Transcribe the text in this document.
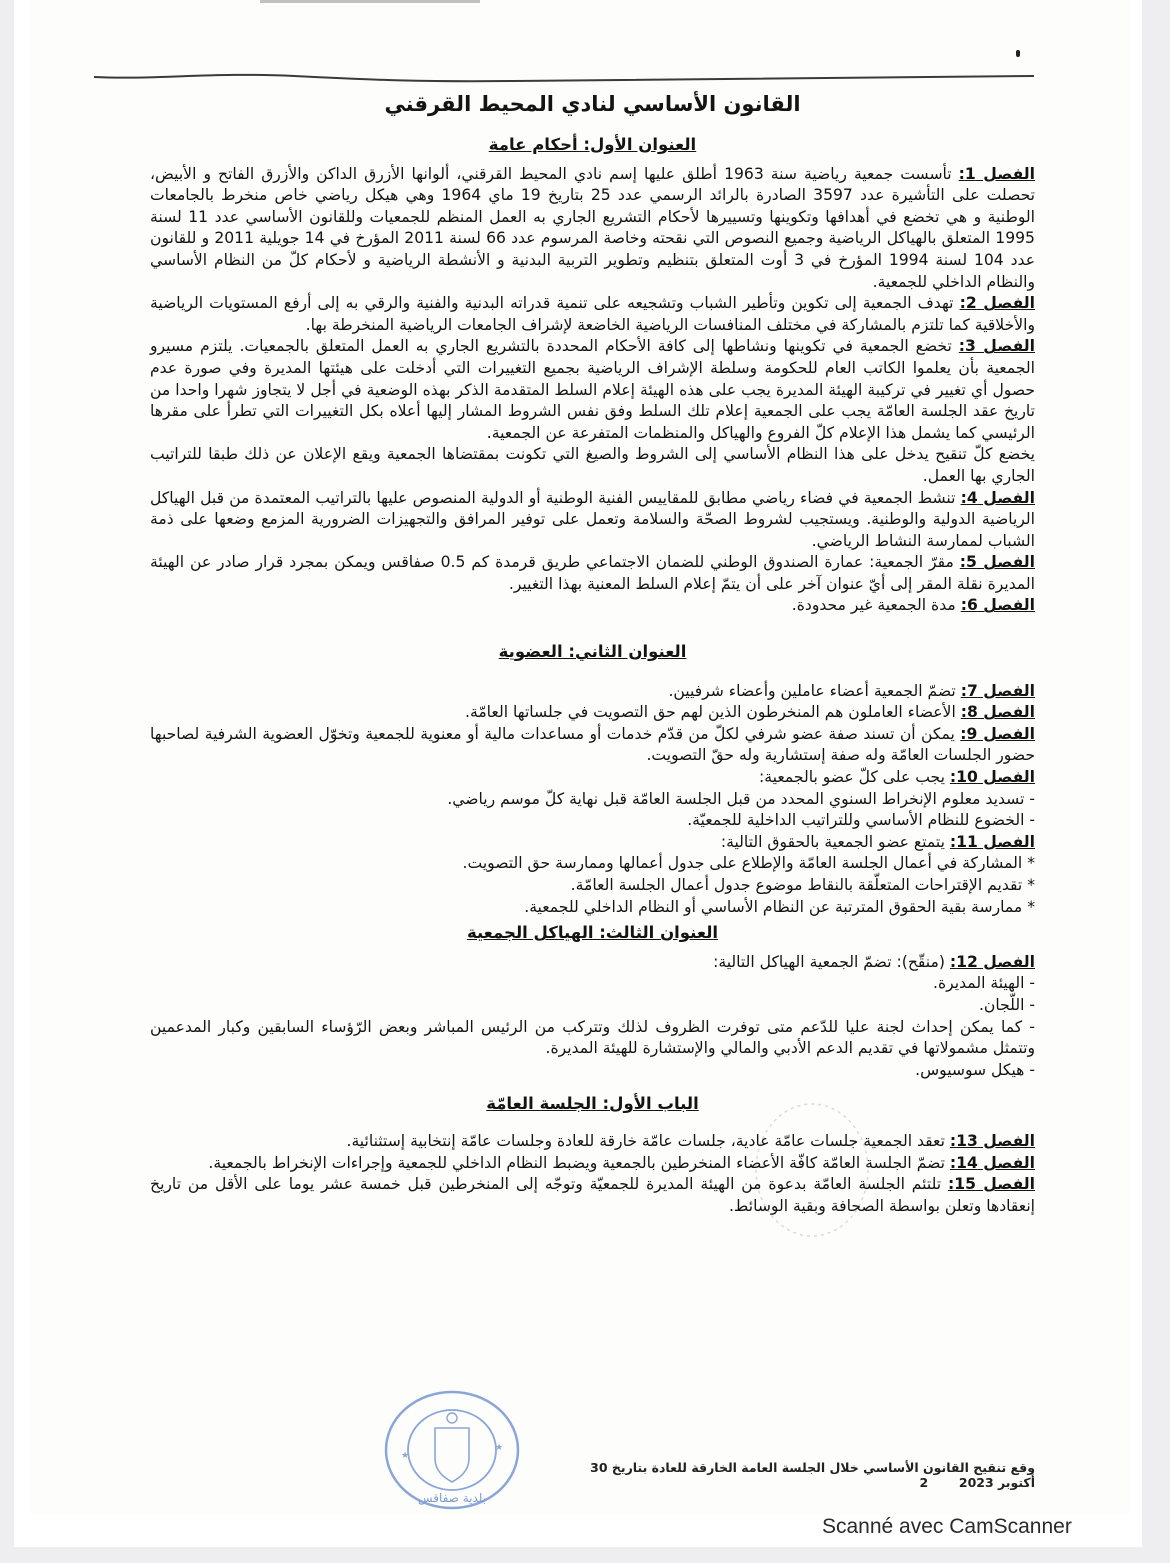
القانون الأساسي لنادي المحيط القرقني
العنوان الأول: أحكام عامة

الفصل 1: تأسست جمعية رياضية سنة 1963 أطلق عليها إسم نادي المحيط القرقني، ألوانها الأزرق الداكن والأزرق الفاتح و الأبيض، تحصلت على التأشيرة عدد 3597 الصادرة بالرائد الرسمي عدد 25 بتاريخ 19 ماي 1964 وهي هيكل رياضي خاص منخرط بالجامعات الوطنية و هي تخضع في أهدافها وتكوينها وتسييرها لأحكام التشريع الجاري به العمل المنظم للجمعيات وللقانون الأساسي عدد 11 لسنة 1995 المتعلق بالهياكل الرياضية وجميع النصوص التي نقحته وخاصة المرسوم عدد 66 لسنة 2011 المؤرخ في 14 جويلية 2011 و للقانون عدد 104 لسنة 1994 المؤرخ في 3 أوت المتعلق بتنظيم وتطوير التربية البدنية و الأنشطة الرياضية و لأحكام كلّ من النظام الأساسي والنظام الداخلي للجمعية.

الفصل 2: تهدف الجمعية إلى تكوين وتأطير الشباب وتشجيعه على تنمية قدراته البدنية والفنية والرقي به إلى أرفع المستويات الرياضية والأخلاقية كما تلتزم بالمشاركة في مختلف المنافسات الرياضية الخاضعة لإشراف الجامعات الرياضية المنخرطة بها.

الفصل 3: تخضع الجمعية في تكوينها ونشاطها إلى كافة الأحكام المحددة بالتشريع الجاري به العمل المتعلق بالجمعيات. يلتزم مسيرو الجمعية بأن يعلموا الكاتب العام للحكومة وسلطة الإشراف الرياضية بجميع التغييرات التي أدخلت على هيئتها المديرة وفي صورة عدم حصول أي تغيير في تركيبة الهيئة المديرة يجب على هذه الهيئة إعلام السلط المتقدمة الذكر بهذه الوضعية في أجل لا يتجاوز شهرا واحدا من تاريخ عقد الجلسة العامّة يجب على الجمعية إعلام تلك السلط وفق نفس الشروط المشار إليها أعلاه بكل التغييرات التي تطرأ على مقرها الرئيسي كما يشمل هذا الإعلام كلّ الفروع والهياكل والمنظمات المتفرعة عن الجمعية.

يخضع كلّ تنقيح يدخل على هذا النظام الأساسي إلى الشروط والصيغ التي تكونت بمقتضاها الجمعية ويقع الإعلان عن ذلك طبقا للتراتيب الجاري بها العمل.

الفصل 4: تنشط الجمعية في فضاء رياضي مطابق للمقاييس الفنية الوطنية أو الدولية المنصوص عليها بالتراتيب المعتمدة من قبل الهياكل الرياضية الدولية والوطنية. ويستجيب لشروط الصحّة والسلامة وتعمل على توفير المرافق والتجهيزات الضرورية المزمع وضعها على ذمة الشباب لممارسة النشاط الرياضي.

الفصل 5: مقرّ الجمعية: عمارة الصندوق الوطني للضمان الاجتماعي طريق قرمدة كم 0.5 صفاقس ويمكن بمجرد قرار صادر عن الهيئة المديرة نقلة المقر إلى أيّ عنوان آخر على أن يتمّ إعلام السلط المعنية بهذا التغيير.

الفصل 6: مدة الجمعية غير محدودة.

العنوان الثاني: العضوية

الفصل 7: تضمّ الجمعية أعضاء عاملين وأعضاء شرفيين.

الفصل 8: الأعضاء العاملون هم المنخرطون الذين لهم حق التصويت في جلساتها العامّة.

الفصل 9: يمكن أن تسند صفة عضو شرفي لكلّ من قدّم خدمات أو مساعدات مالية أو معنوية للجمعية وتخوّل العضوية الشرفية لصاحبها حضور الجلسات العامّة وله صفة إستشارية وله حقّ التصويت.

الفصل 10: يجب على كلّ عضو بالجمعية:

- تسديد معلوم الإنخراط السنوي المحدد من قبل الجلسة العامّة قبل نهاية كلّ موسم رياضي.

- الخضوع للنظام الأساسي وللتراتيب الداخلية للجمعيّة.

الفصل 11: يتمتع عضو الجمعية بالحقوق التالية:

* المشاركة في أعمال الجلسة العامّة والإطلاع على جدول أعمالها وممارسة حق التصويت.

* تقديم الإقتراحات المتعلّقة بالنقاط موضوع جدول أعمال الجلسة العامّة.

* ممارسة بقية الحقوق المترتبة عن النظام الأساسي أو النظام الداخلي للجمعية.

العنوان الثالث: الهياكل الجمعية

الفصل 12: (منقّح): تضمّ الجمعية الهياكل التالية:

- الهيئة المديرة.

- اللّجان.

- كما يمكن إحداث لجنة عليا للدّعم متى توفرت الظروف لذلك وتتركب من الرئيس المباشر وبعض الرّؤساء السابقين وكبار المدعمين وتتمثل مشمولاتها في تقديم الدعم الأدبي والمالي والإستشارة للهيئة المديرة.

- هيكل سوسيوس.

الباب الأول: الجلسة العامّة

الفصل 13: تعقد الجمعية جلسات عامّة عادية، جلسات عامّة خارقة للعادة وجلسات عامّة إنتخابية إستثنائية.

الفصل 14: تضمّ الجلسة العامّة كافّة الأعضاء المنخرطين بالجمعية ويضبط النظام الداخلي للجمعية وإجراءات الإنخراط بالجمعية.

الفصل 15: تلتئم الجلسة العامّة بدعوة من الهيئة المديرة للجمعيّة وتوجّه إلى المنخرطين قبل خمسة عشر يوما على الأقل من تاريخ إنعقادها وتعلن بواسطة الصحافة وبقية الوسائط.

★
★
بلدية صفاقس
وقع تنقيح القانون الأساسي خلال الجلسة العامة الخارقة للعادة بتاريخ 30 أكتوبر 2023  2
Scanné avec CamScanner
